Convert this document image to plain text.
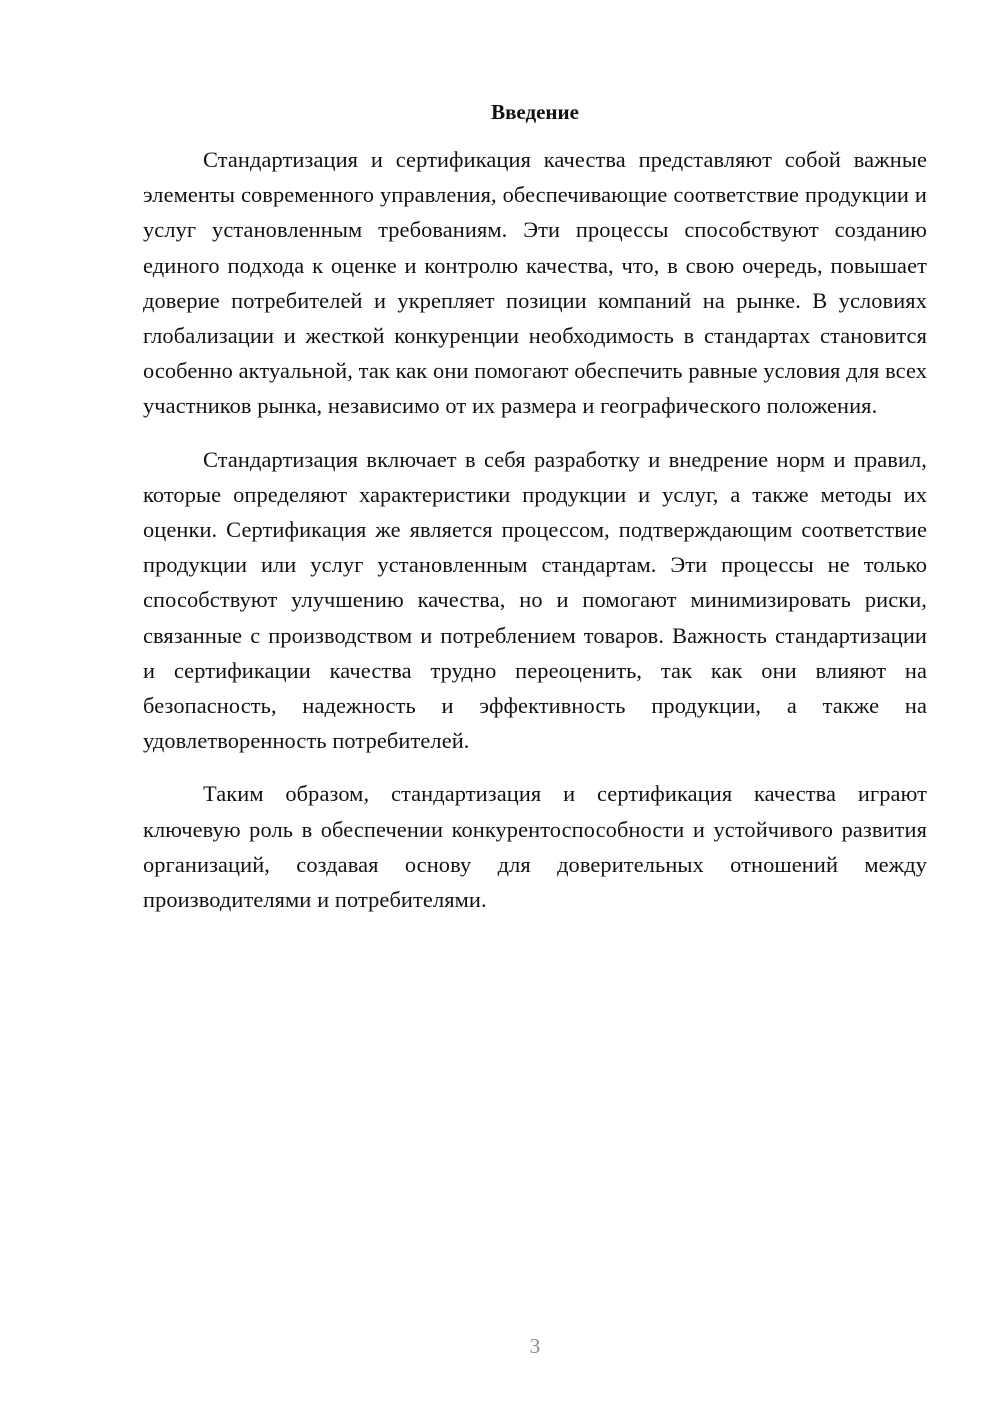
Введение

Стандартизация и сертификация качества представляют собой важные элементы современного управления, обеспечивающие соответствие продукции и услуг установленным требованиям. Эти процессы способствуют созданию единого подхода к оценке и контролю качества, что, в свою очередь, повышает доверие потребителей и укрепляет позиции компаний на рынке. В условиях глобализации и жесткой конкуренции необходимость в стандартах становится особенно актуальной, так как они помогают обеспечить равные условия для всех участников рынка, независимо от их размера и географического положения.

Стандартизация включает в себя разработку и внедрение норм и правил, которые определяют характеристики продукции и услуг, а также методы их оценки. Сертификация же является процессом, подтверждающим соответствие продукции или услуг установленным стандартам. Эти процессы не только способствуют улучшению качества, но и помогают минимизировать риски, связанные с производством и потреблением товаров. Важность стандартизации и сертификации качества трудно переоценить, так как они влияют на безопасность, надежность и эффективность продукции, а также на удовлетворенность потребителей.

Таким образом, стандартизация и сертификация качества играют ключевую роль в обеспечении конкурентоспособности и устойчивого развития организаций, создавая основу для доверительных отношений между производителями и потребителями.

3
